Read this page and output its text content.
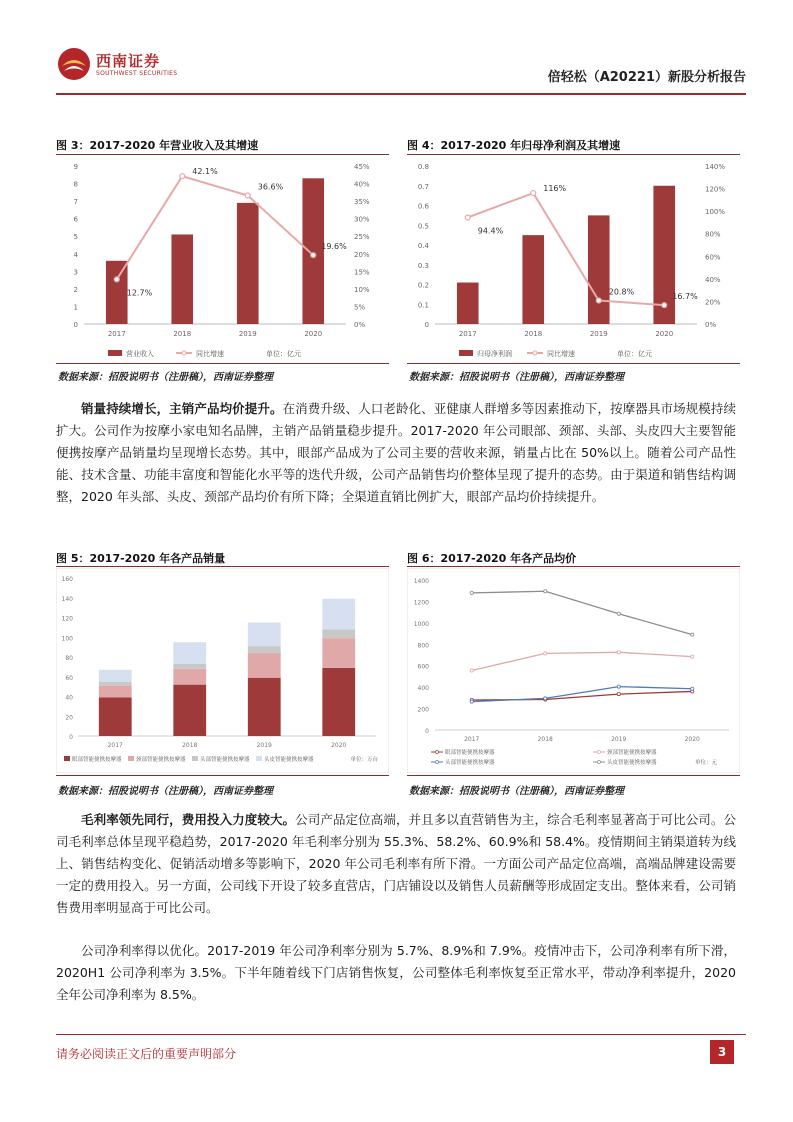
西南证券
SOUTHWEST SECURITIES	倍轻松（A20221）新股分析报告
图 3：2017-2020 年营业收入及其增速
0
1
2
3
4
5
6
7
8
9
0%
5%
10%
15%
20%
25%
30%
35%
40%
45%
12.7%
42.1%
36.6%
19.6%
2017	2018	2019	2020
营业收入	同比增速	单位：亿元
数据来源：招股说明书（注册稿），西南证券整理
图 4：2017-2020 年归母净利润及其增速
0
0.1
0.2
0.3
0.4
0.5
0.6
0.7
0.8
0%
20%
40%
60%
80%
100%
120%
140%
94.4%
116%
20.8%
16.7%
2017	2018	2019	2020
归母净利润	同比增速	单位：亿元
数据来源：招股说明书（注册稿），西南证券整理
销量持续增长，主销产品均价提升。在消费升级、人口老龄化、亚健康人群增多等因素推动下，按摩器具市场规模持续扩大。公司作为按摩小家电知名品牌，主销产品销量稳步提升。2017-2020 年公司眼部、颈部、头部、头皮四大主要智能便携按摩产品销量均呈现增长态势。其中，眼部产品成为了公司主要的营收来源，销量占比在 50%以上。随着公司产品性能、技术含量、功能丰富度和智能化水平等的迭代升级，公司产品销售均价整体呈现了提升的态势。由于渠道和销售结构调整，2020 年头部、头皮、颈部产品均价有所下降；全渠道直销比例扩大，眼部产品均价持续提升。
图 5：2017-2020 年各产品销量
0
20
40
60
80
100
120
140
160
2017	2018	2019	2020
眼部智能便携按摩器	颈部智能便携按摩器	头部智能便携按摩器	头皮智能便携按摩器	单位：万台
数据来源：招股说明书（注册稿），西南证券整理
图 6：2017-2020 年各产品均价
0
200
400
600
800
1000
1200
1400
2017	2018	2019	2020
眼部智能便携按摩器	颈部智能便携按摩器
头部智能便携按摩器	头皮智能便携按摩器	单位：元
数据来源：招股说明书（注册稿），西南证券整理
毛利率领先同行，费用投入力度较大。公司产品定位高端，并且多以直营销售为主，综合毛利率显著高于可比公司。公司毛利率总体呈现平稳趋势，2017-2020 年毛利率分别为 55.3%、58.2%、60.9%和 58.4%。疫情期间主销渠道转为线上、销售结构变化、促销活动增多等影响下，2020 年公司毛利率有所下滑。一方面公司产品定位高端，高端品牌建设需要一定的费用投入。另一方面，公司线下开设了较多直营店，门店铺设以及销售人员薪酬等形成固定支出。整体来看，公司销售费用率明显高于可比公司。
公司净利率得以优化。2017-2019 年公司净利率分别为 5.7%、8.9%和 7.9%。疫情冲击下，公司净利率有所下滑，2020H1 公司净利率为 3.5%。下半年随着线下门店销售恢复，公司整体毛利率恢复至正常水平，带动净利率提升，2020 全年公司净利率为 8.5%。
请务必阅读正文后的重要声明部分	3
